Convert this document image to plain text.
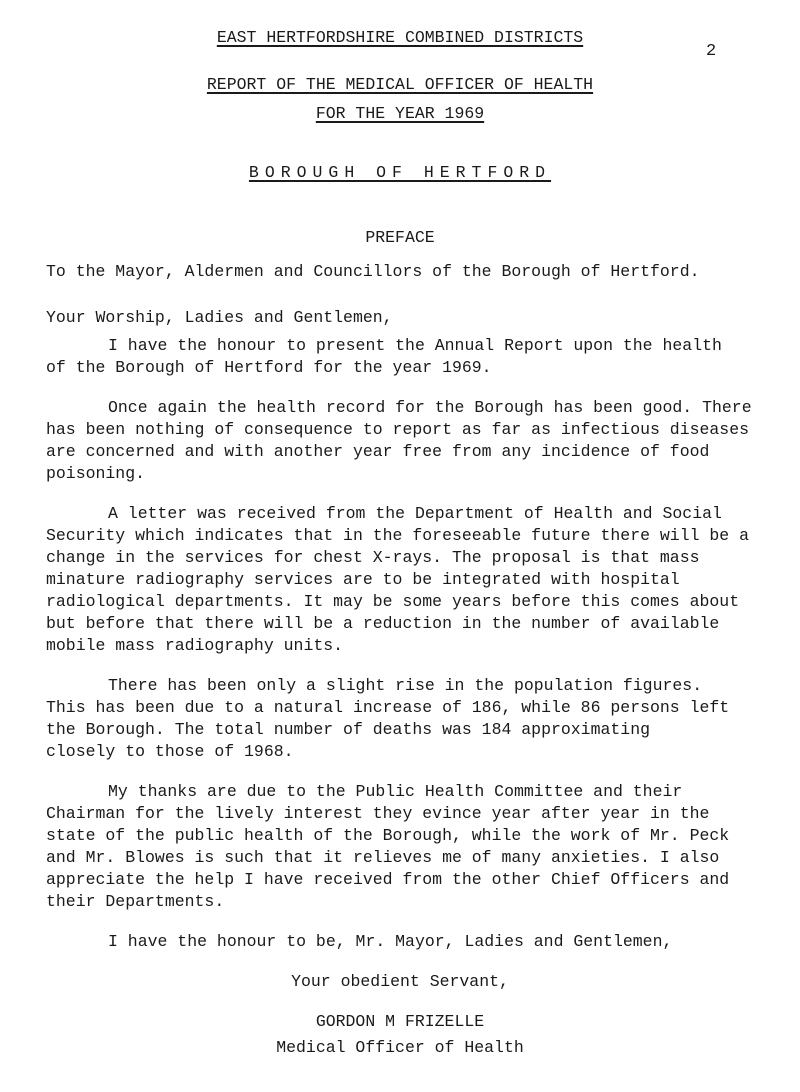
EAST HERTFORDSHIRE COMBINED DISTRICTS
2
REPORT OF THE MEDICAL OFFICER OF HEALTH
FOR THE YEAR 1969
BOROUGH OF HERTFORD
PREFACE
To the Mayor, Aldermen and Councillors of the Borough of Hertford.
Your Worship, Ladies and Gentlemen,
I have the honour to present the Annual Report upon the health
of the Borough of Hertford for the year 1969.
Once again the health record for the Borough has been good. There
has been nothing of consequence to report as far as infectious diseases
are concerned and with another year free from any incidence of food
poisoning.
A letter was received from the Department of Health and Social
Security which indicates that in the foreseeable future there will be a
change in the services for chest X-rays. The proposal is that mass
minature radiography services are to be integrated with hospital
radiological departments. It may be some years before this comes about
but before that there will be a reduction in the number of available
mobile mass radiography units.
There has been only a slight rise in the population figures.
This has been due to a natural increase of 186, while 86 persons left
the Borough. The total number of deaths was 184 approximating
closely to those of 1968.
My thanks are due to the Public Health Committee and their
Chairman for the lively interest they evince year after year in the
state of the public health of the Borough, while the work of Mr. Peck
and Mr. Blowes is such that it relieves me of many anxieties. I also
appreciate the help I have received from the other Chief Officers and
their Departments.
I have the honour to be, Mr. Mayor, Ladies and Gentlemen,
Your obedient Servant,
GORDON M FRIZELLE
Medical Officer of Health
